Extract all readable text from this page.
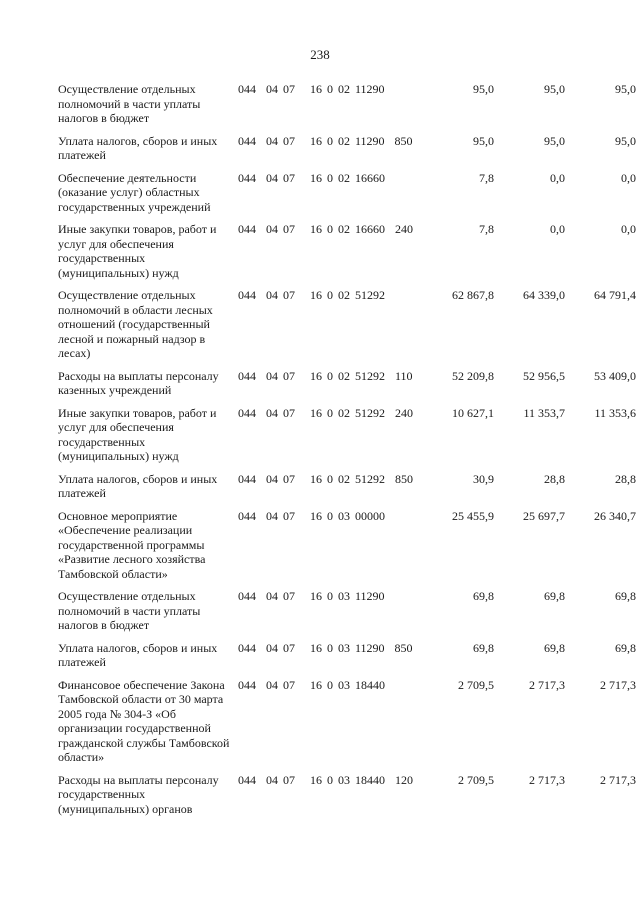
238
Осуществление отдельных полномочий в части уплаты налогов в бюджет	044  04 07   16 0 02 11290	95,0	95,0	95,0
Уплата налогов, сборов и иных платежей	044  04 07   16 0 02 11290  850	95,0	95,0	95,0
Обеспечение деятельности (оказание услуг) областных государственных учреждений	044  04 07   16 0 02 16660	7,8	0,0	0,0
Иные закупки товаров, работ и услуг для обеспечения государственных (муниципальных) нужд	044  04 07   16 0 02 16660  240	7,8	0,0	0,0
Осуществление отдельных полномочий в области лесных отношений (государственный лесной и пожарный надзор в лесах)	044  04 07   16 0 02 51292	62 867,8	64 339,0	64 791,4
Расходы на выплаты персоналу казенных учреждений	044  04 07   16 0 02 51292  110	52 209,8	52 956,5	53 409,0
Иные закупки товаров, работ и услуг для обеспечения государственных (муниципальных) нужд	044  04 07   16 0 02 51292  240	10 627,1	11 353,7	11 353,6
Уплата налогов, сборов и иных платежей	044  04 07   16 0 02 51292  850	30,9	28,8	28,8
Основное мероприятие «Обеспечение реализации государственной программы «Развитие лесного хозяйства Тамбовской области»	044  04 07   16 0 03 00000	25 455,9	25 697,7	26 340,7
Осуществление отдельных полномочий в части уплаты налогов в бюджет	044  04 07   16 0 03 11290	69,8	69,8	69,8
Уплата налогов, сборов и иных платежей	044  04 07   16 0 03 11290  850	69,8	69,8	69,8
Финансовое обеспечение Закона Тамбовской области от 30 марта 2005 года № 304-З «Об организации государственной гражданской службы Тамбовской области»	044  04 07   16 0 03 18440	2 709,5	2 717,3	2 717,3
Расходы на выплаты персоналу государственных (муниципальных) органов	044  04 07   16 0 03 18440  120	2 709,5	2 717,3	2 717,3
